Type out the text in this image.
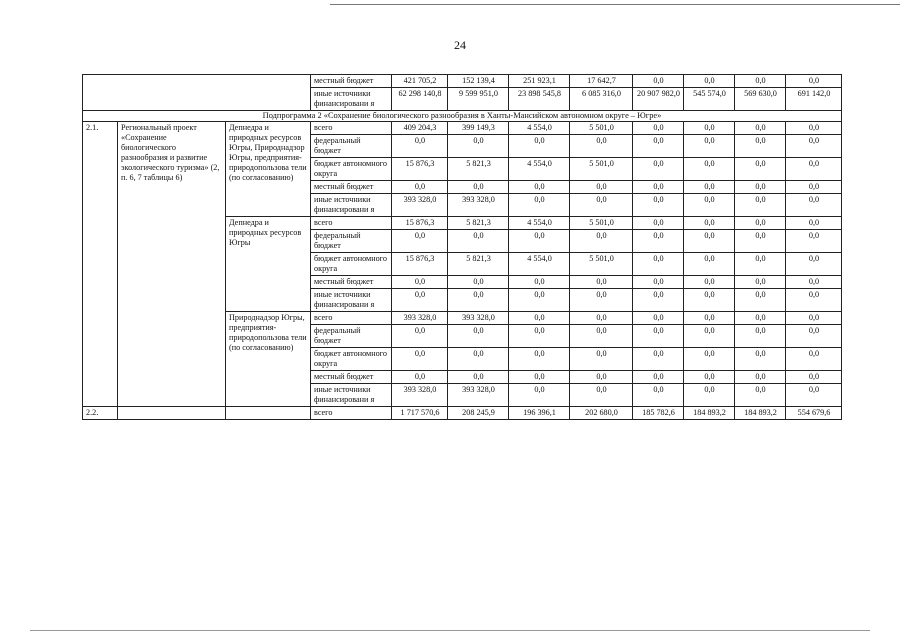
24
			местный бюджет	421 705,2	152 139,4	251 923,1	17 642,7	0,0	0,0	0,0	0,0
			иные источники финансировани я	62 298 140,8	9 599 951,0	23 898 545,8	6 085 316,0	20 907 982,0	545 574,0	569 630,0	691 142,0
Подпрограмма 2 «Сохранение биологического разнообразия в Ханты-Мансийском автономном округе – Югре»											
2.1.	Региональный проект «Сохранение биологического разнообразия и развитие экологического туризма» (2, п. 6, 7 таблицы 6)	Депнедра и природных ресурсов Югры, Природнадзор Югры, предприятия-природопользова тели (по согласованию)	всего	409 204,3	399 149,3	4 554,0	5 501,0	0,0	0,0	0,0	0,0
			федеральный бюджет	0,0	0,0	0,0	0,0	0,0	0,0	0,0	0,0
			бюджет автономного округа	15 876,3	5 821,3	4 554,0	5 501,0	0,0	0,0	0,0	0,0
			местный бюджет	0,0	0,0	0,0	0,0	0,0	0,0	0,0	0,0
			иные источники финансировани я	393 328,0	393 328,0	0,0	0,0	0,0	0,0	0,0	0,0
		Депнедра и природных ресурсов Югры	всего	15 876,3	5 821,3	4 554,0	5 501,0	0,0	0,0	0,0	0,0
			федеральный бюджет	0,0	0,0	0,0	0,0	0,0	0,0	0,0	0,0
			бюджет автономного округа	15 876,3	5 821,3	4 554,0	5 501,0	0,0	0,0	0,0	0,0
			местный бюджет	0,0	0,0	0,0	0,0	0,0	0,0	0,0	0,0
			иные источники финансировани я	0,0	0,0	0,0	0,0	0,0	0,0	0,0	0,0
		Природнадзор Югры, предприятия-природопользова тели (по согласованию)	всего	393 328,0	393 328,0	0,0	0,0	0,0	0,0	0,0	0,0
			федеральный бюджет	0,0	0,0	0,0	0,0	0,0	0,0	0,0	0,0
			бюджет автономного округа	0,0	0,0	0,0	0,0	0,0	0,0	0,0	0,0
			местный бюджет	0,0	0,0	0,0	0,0	0,0	0,0	0,0	0,0
			иные источники финансировани я	393 328,0	393 328,0	0,0	0,0	0,0	0,0	0,0	0,0
2.2.			всего	1 717 570,6	208 245,9	196 396,1	202 680,0	185 782,6	184 893,2	184 893,2	554 679,6
